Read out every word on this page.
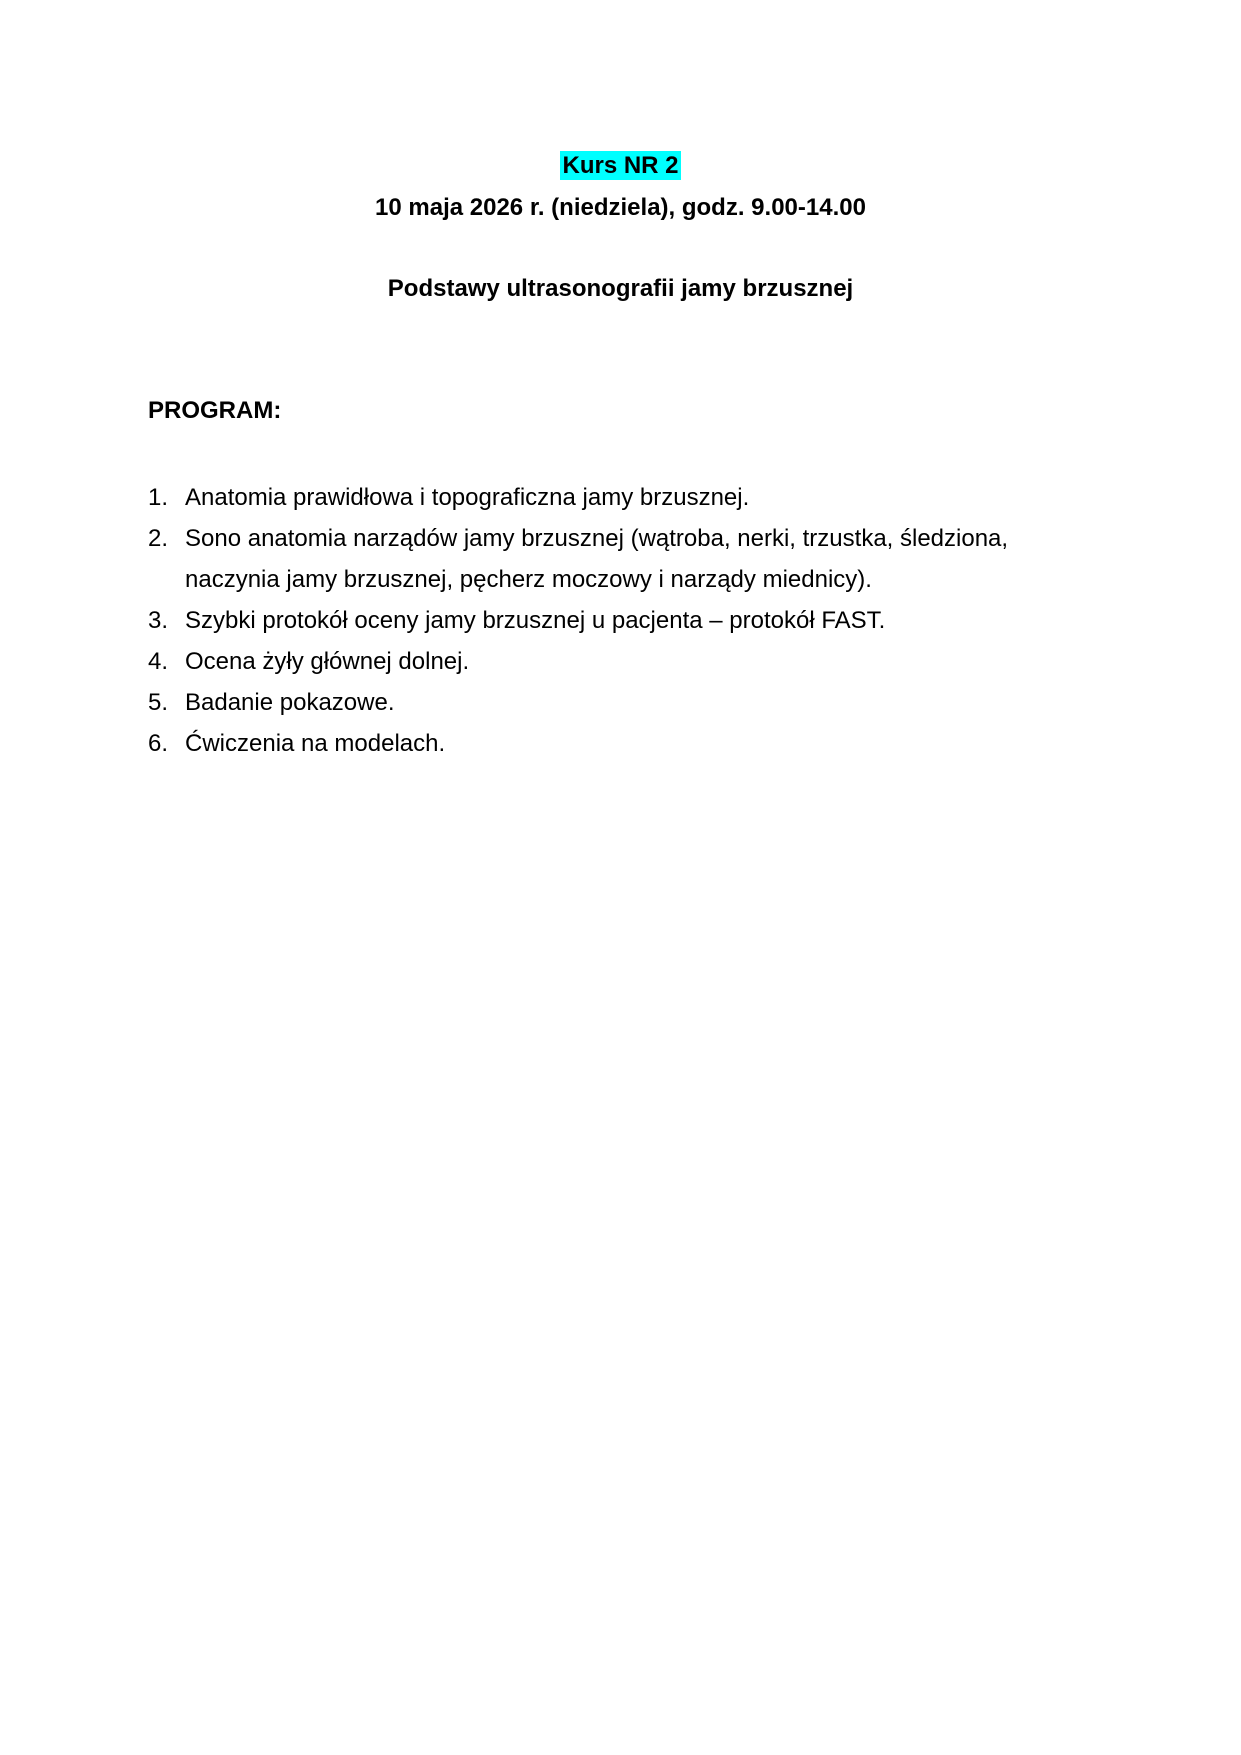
Kurs NR 2
10 maja 2026 r. (niedziela), godz. 9.00-14.00
Podstawy ultrasonografii jamy brzusznej
PROGRAM:
1. Anatomia prawidłowa i topograficzna jamy brzusznej.
2. Sono anatomia narządów jamy brzusznej (wątroba, nerki, trzustka, śledziona, naczynia jamy brzusznej, pęcherz moczowy i narządy miednicy).
3. Szybki protokół oceny jamy brzusznej u pacjenta – protokół FAST.
4. Ocena żyły głównej dolnej.
5. Badanie pokazowe.
6. Ćwiczenia na modelach.
